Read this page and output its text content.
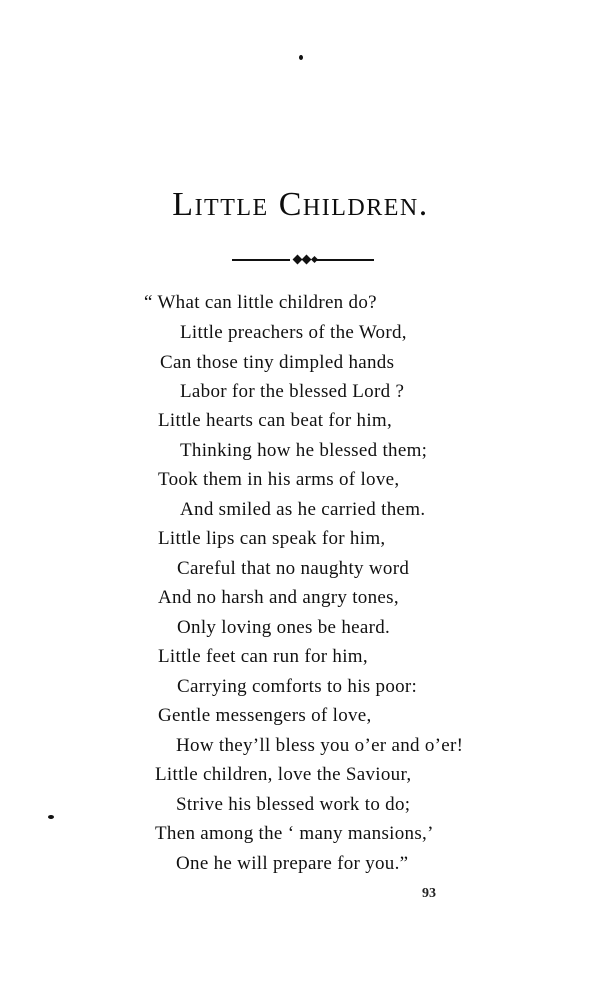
Little Children.
“ What can little children do?
Little preachers of the Word,
Can those tiny dimpled hands
Labor for the blessed Lord ?
Little hearts can beat for him,
Thinking how he blessed them;
Took them in his arms of love,
And smiled as he carried them.
Little lips can speak for him,
Careful that no naughty word
And no harsh and angry tones,
Only loving ones be heard.
Little feet can run for him,
Carrying comforts to his poor:
Gentle messengers of love,
How they’ll bless you o’er and o’er!
Little children, love the Saviour,
Strive his blessed work to do;
Then among the ‘ many mansions,’
One he will prepare for you.”
93
